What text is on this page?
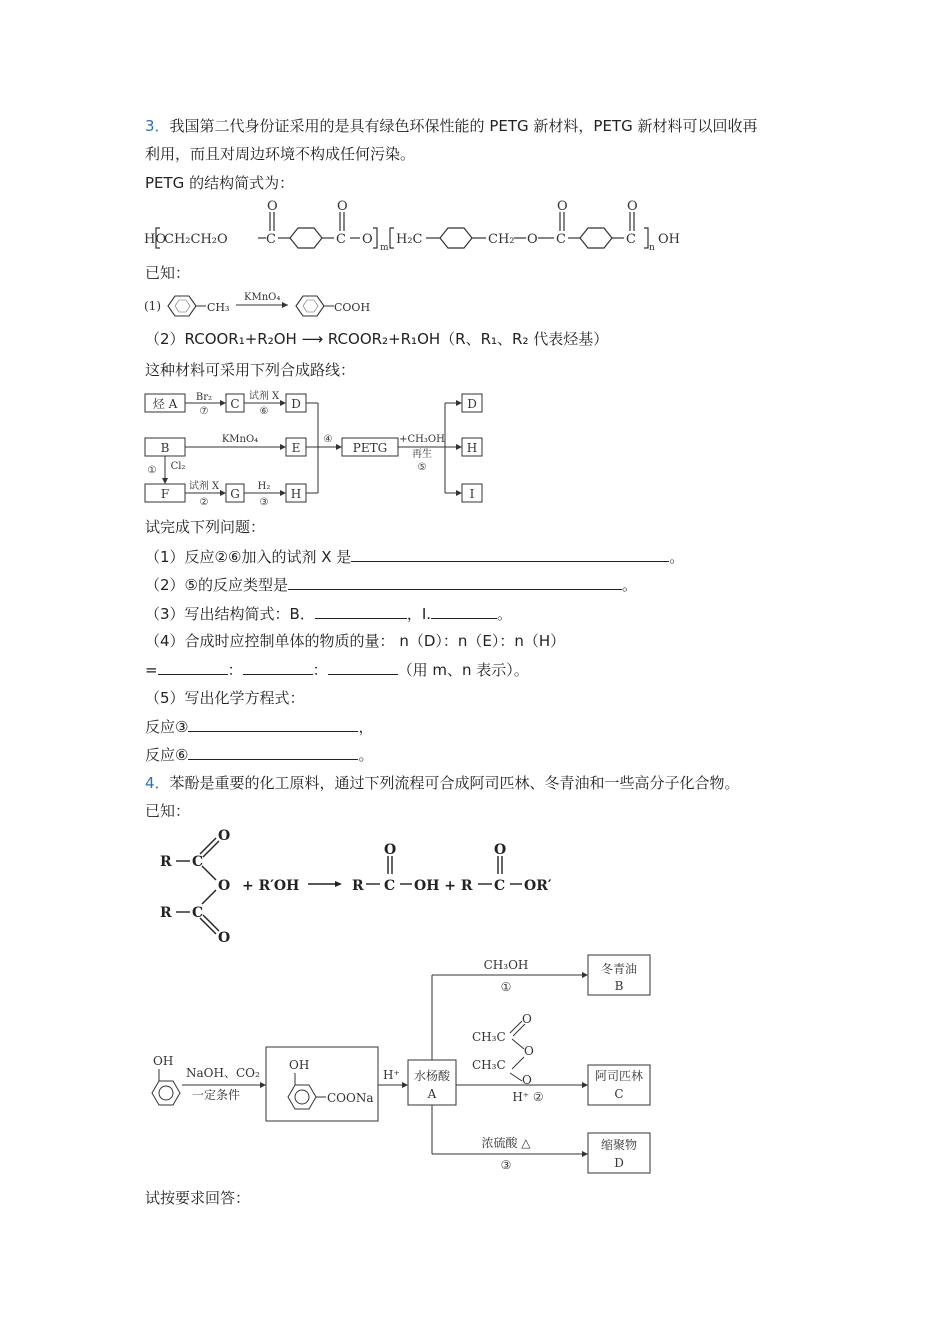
3．我国第二代身份证采用的是具有绿色环保性能的 PETG 新材料，PETG 新材料可以回收再
利用，而且对周边环境不构成任何污染。
PETG 的结构简式为：
HO
CH₂CH₂O	C
O
C
O
O
m
H₂C	CH₂ O C
O
C
O
n
OH
已知：
(1)	CH₃
KMnO₄
COOH
（2）RCOOR₁+R₂OH ⟶ RCOOR₂+R₁OH（R、R₁、R₂ 代表烃基）
这种材料可采用下列合成路线：
烃 A	C	D
B	E
F	G	H
PETG
D
H
I
Br₂
⑦
试剂 X
⑥
KMnO₄	④
① Cl₂
试剂 X
②
H₂
③
+CH₃OH
再生
⑤
试完成下列问题：
（1）反应②⑥加入的试剂 X 是	。
（2）⑤的反应类型是	。
（3）写出结构简式：B．	，I.	。
（4）合成时应控制单体的物质的量： n（D）：n（E）：n（H）
=	：	：	（用 m、n 表示）。
（5）写出化学方程式：
反应③	，
反应⑥	。
4．苯酚是重要的化工原料，通过下列流程可合成阿司匹林、冬青油和一些高分子化合物。
已知：
R C
O
O
R C
O
+ R′OH	R C
O
OH + R C
O
OR′
OH
NaOH、CO₂
一定条件
OH
COONa
H⁺ 水杨酸
A
CH₃OH
①
冬青油
B
CH₃C
O
O
CH₃C
O
H⁺ ②
阿司匹林
C
浓硫酸 △
③
缩聚物
D
试按要求回答：
